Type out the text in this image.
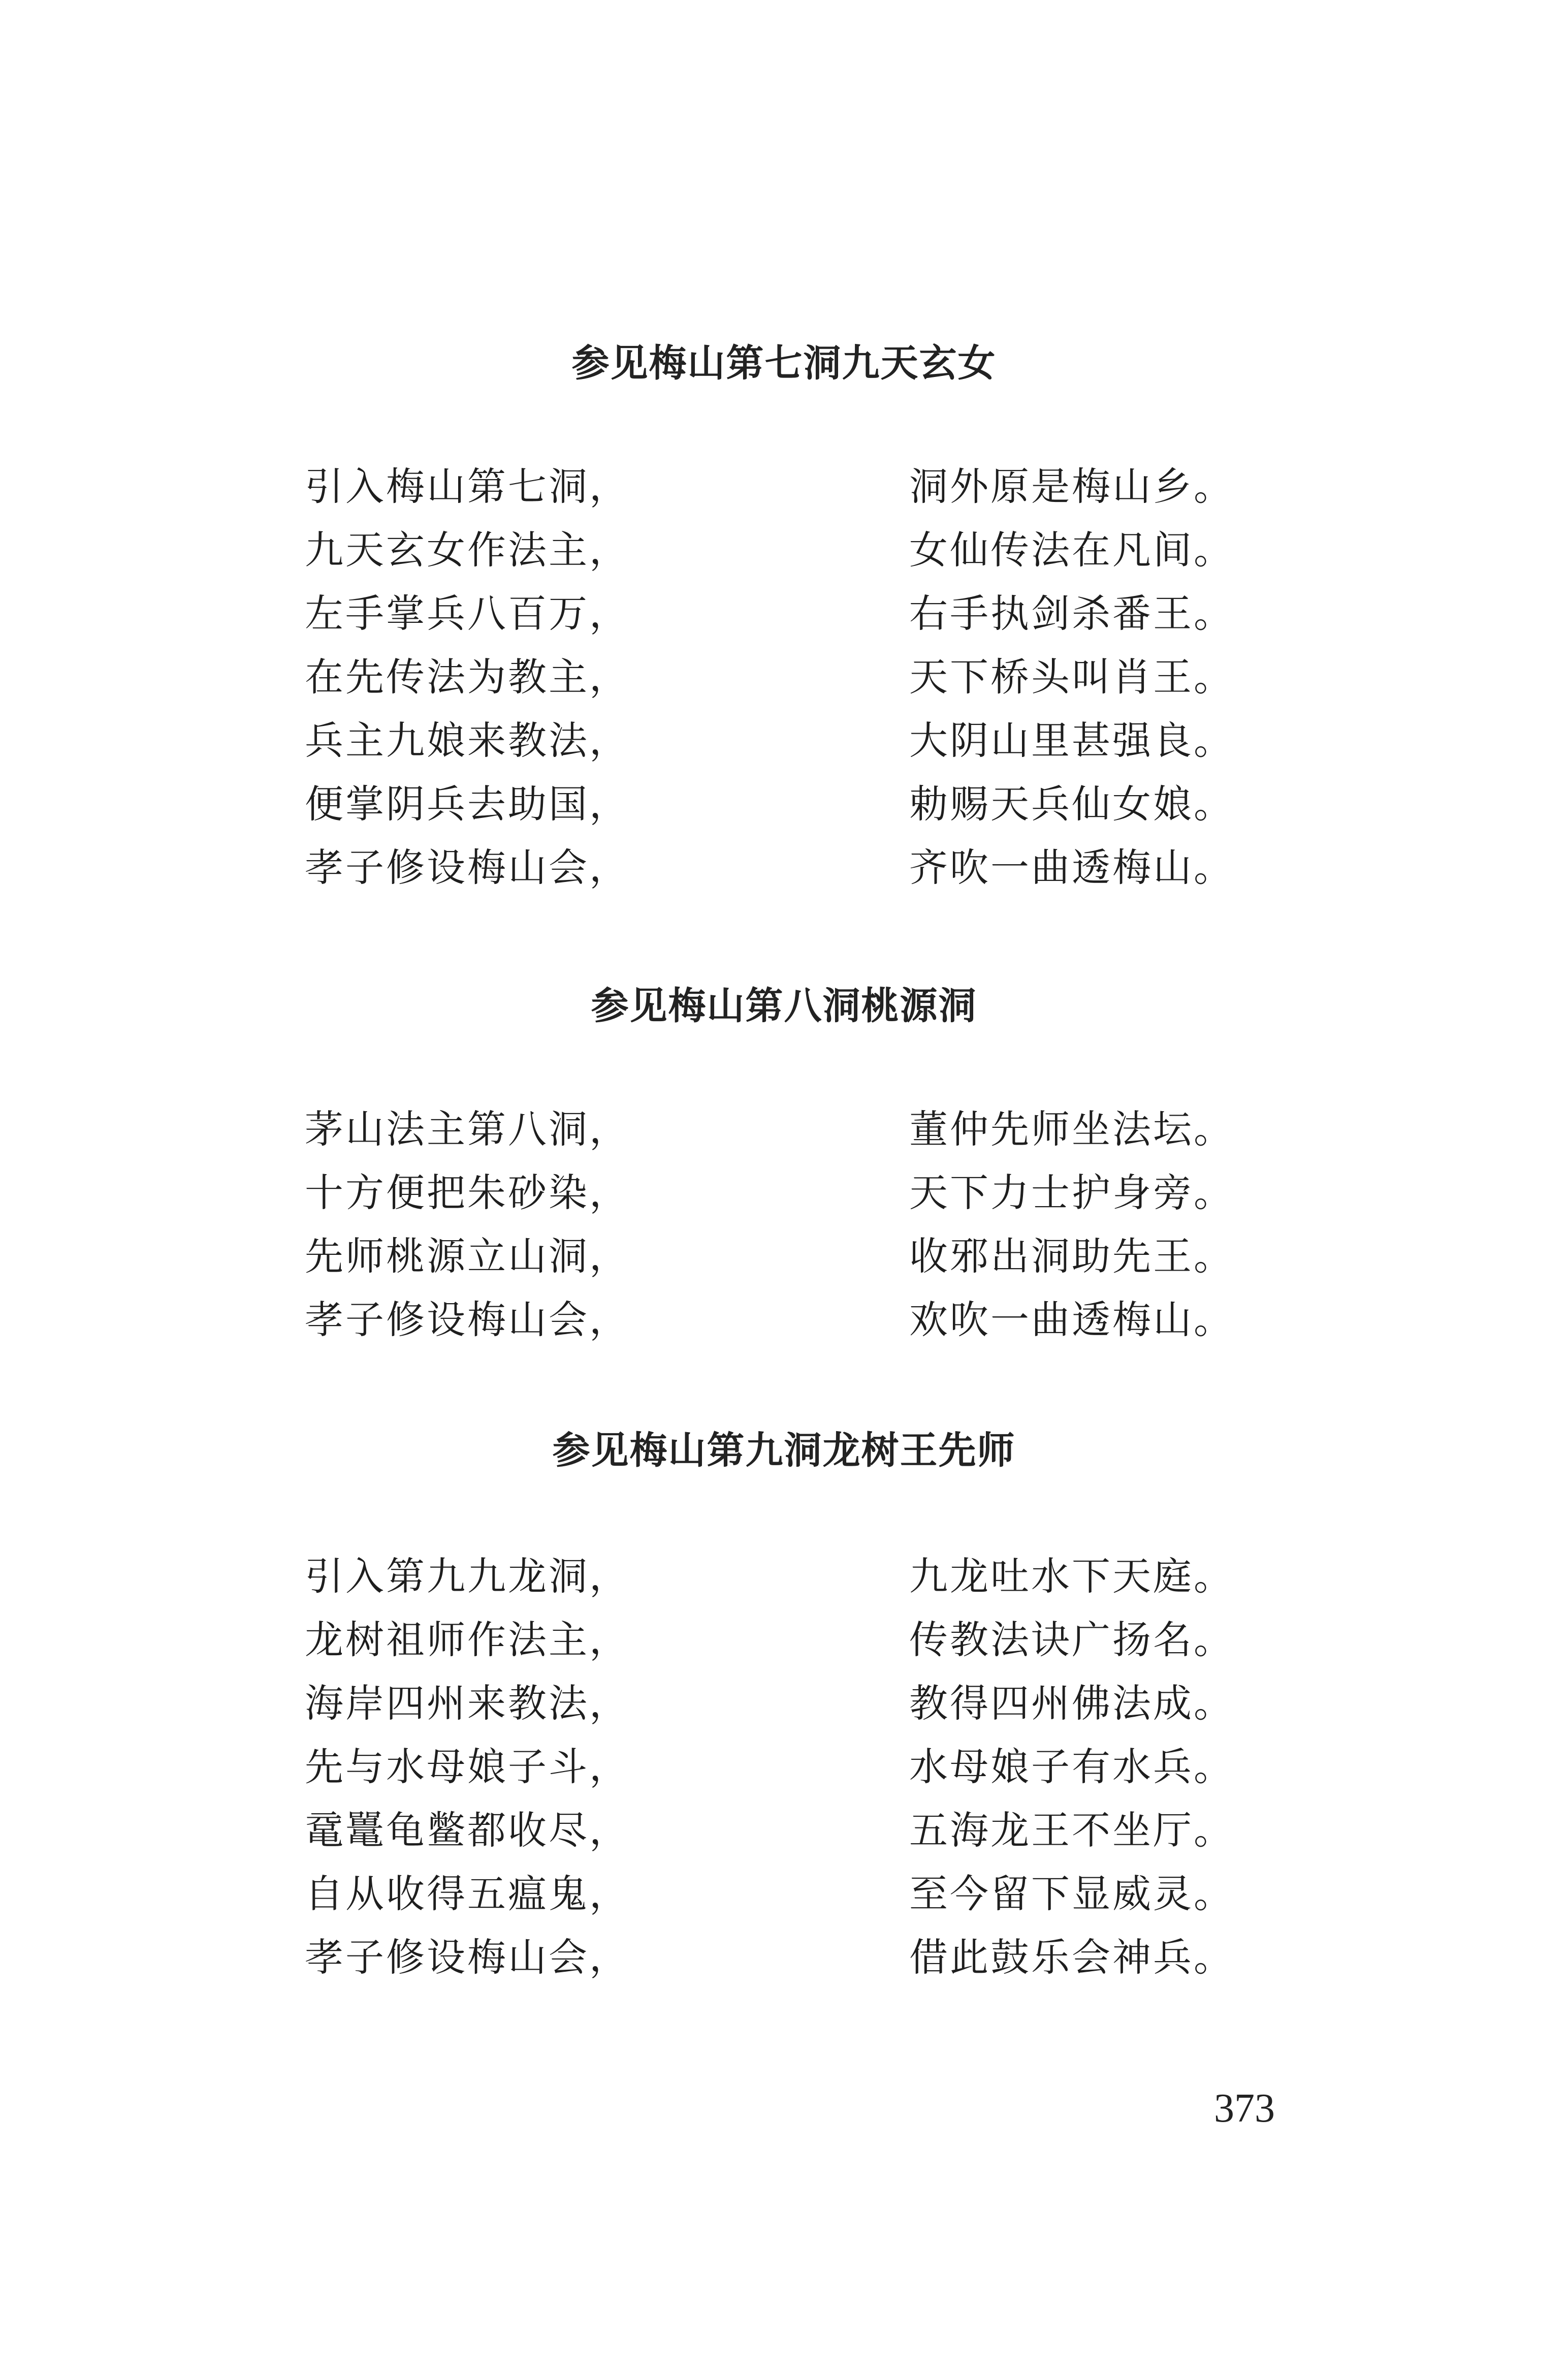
参见梅山第七洞九天玄女
引入梅山第七洞，	洞外原是梅山乡。
九天玄女作法主，	女仙传法在凡间。
左手掌兵八百万，	右手执剑杀番王。
在先传法为教主，	天下桥头叫肖王。
兵主九娘来教法，	大阴山里甚强良。
便掌阴兵去助国，	勅赐天兵仙女娘。
孝子修设梅山会，	齐吹一曲透梅山。
参见梅山第八洞桃源洞
茅山法主第八洞，	董仲先师坐法坛。
十方便把朱砂染，	天下力士护身旁。
先师桃源立山洞，	收邪出洞助先王。
孝子修设梅山会，	欢吹一曲透梅山。
参见梅山第九洞龙树王先师
引入第九九龙洞，	九龙吐水下天庭。
龙树祖师作法主，	传教法诀广扬名。
海岸四州来教法，	教得四州佛法成。
先与水母娘子斗，	水母娘子有水兵。
鼋鼍龟鳖都收尽，	五海龙王不坐厅。
自从收得五瘟鬼，	至今留下显威灵。
孝子修设梅山会，	借此鼓乐会神兵。
373
